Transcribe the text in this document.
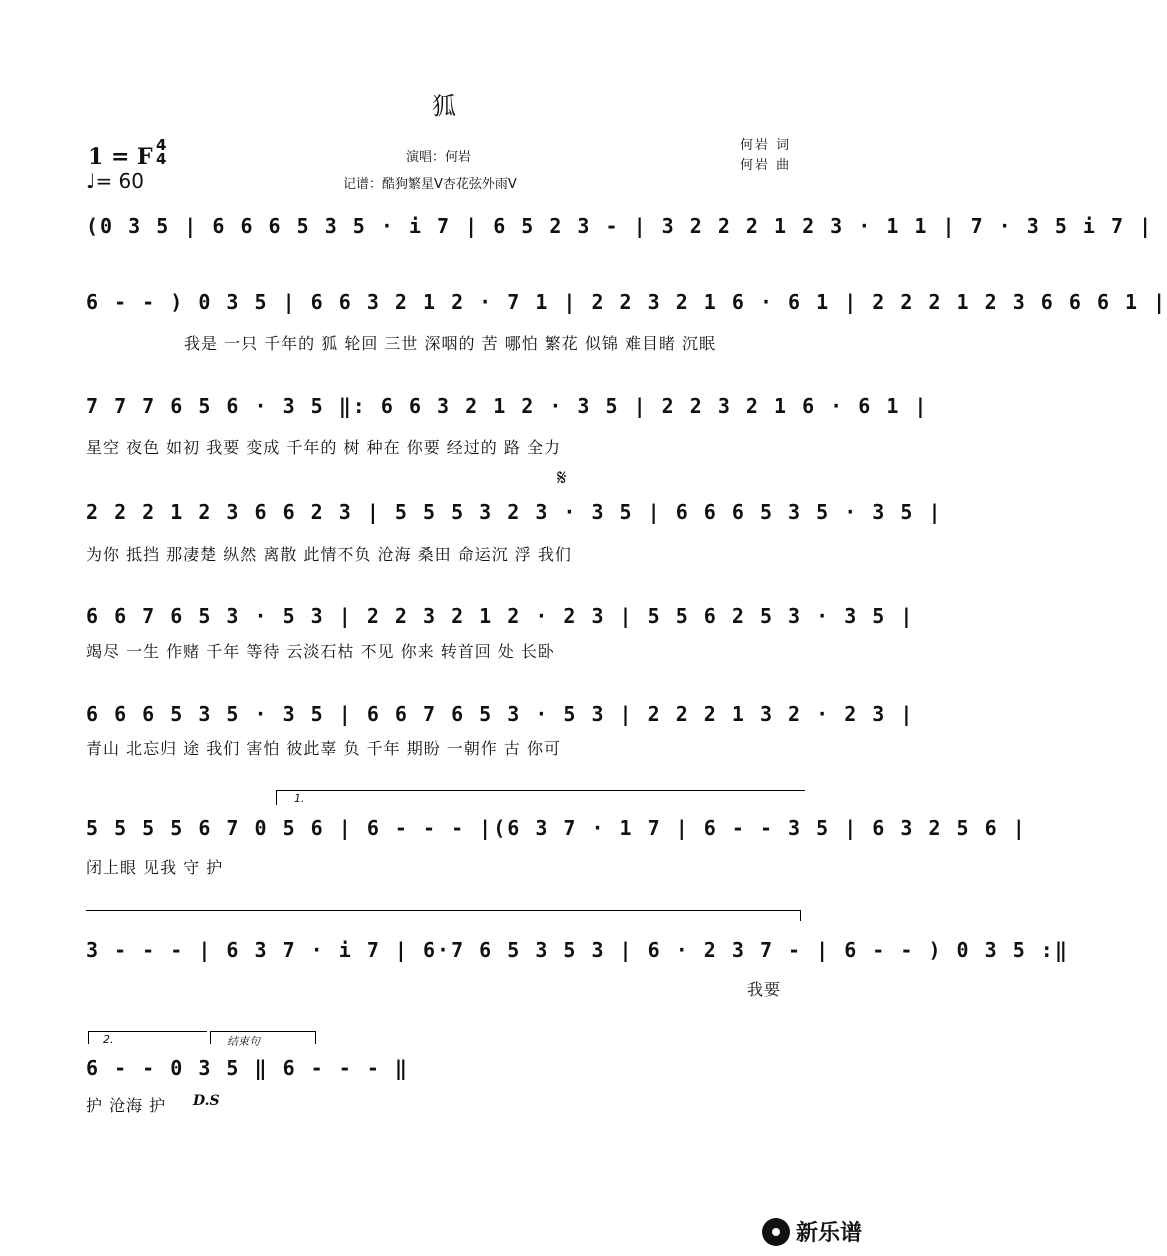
狐
1 = F 4
4
♩= 60
演唱：何岩
记谱：酷狗繁星V杏花弦外雨V
何岩 词
何岩 曲
(0 3 5 | 6 6 6 5 3 5 · i 7 | 6 5 2 3 - | 3 2 2 2 1 2 3 · 1 1 | 7 · 3 5 i 7 |
6 - - ) 0 3 5 | 6 6 3 2 1 2 · 7 1 | 2 2 3 2 1 6 · 6 1 | 2 2 2 1 2 3 6 6 6 1 |
我是 一只 千年的 狐 轮回 三世 深咽的 苦 哪怕 繁花 似锦 难目睹 沉眠
7 7 7 6 5 6 · 3 5 ‖: 6 6 3 2 1 2 · 3 5 | 2 2 3 2 1 6 · 6 1 |
星空 夜色 如初 我要 变成 千年的 树 种在 你要 经过的 路 全力
𝄋
2 2 2 1 2 3 6 6 2 3 | 5 5 5 3 2 3 · 3 5 | 6 6 6 5 3 5 · 3 5 |
为你 抵挡 那凄楚 纵然 离散 此情不负 沧海 桑田 命运沉 浮 我们
6 6 7 6 5 3 · 5 3 | 2 2 3 2 1 2 · 2 3 | 5 5 6 2 5 3 · 3 5 |
竭尽 一生 作赌 千年 等待 云淡石枯 不见 你来 转首回 处 长卧
6 6 6 5 3 5 · 3 5 | 6 6 7 6 5 3 · 5 3 | 2 2 2 1 3 2 · 2 3 |
青山 北忘归 途 我们 害怕 彼此辜 负 千年 期盼 一朝作 古 你可
1.
5 5 5 5 6 7 0 5 6 | 6 - - - |(6 3 7 · 1 7 | 6 - - 3 5 | 6 3 2 5 6 |
闭上眼 见我 守 护
3 - - - | 6 3 7 · i 7 | 6·7 6 5 3 5 3 | 6 · 2 3 7 - | 6 - - ) 0 3 5 :‖
我要
2.	结束句
6 - - 0 3 5 ‖ 6 - - - ‖
护 沧海 护 D.S
新乐谱
